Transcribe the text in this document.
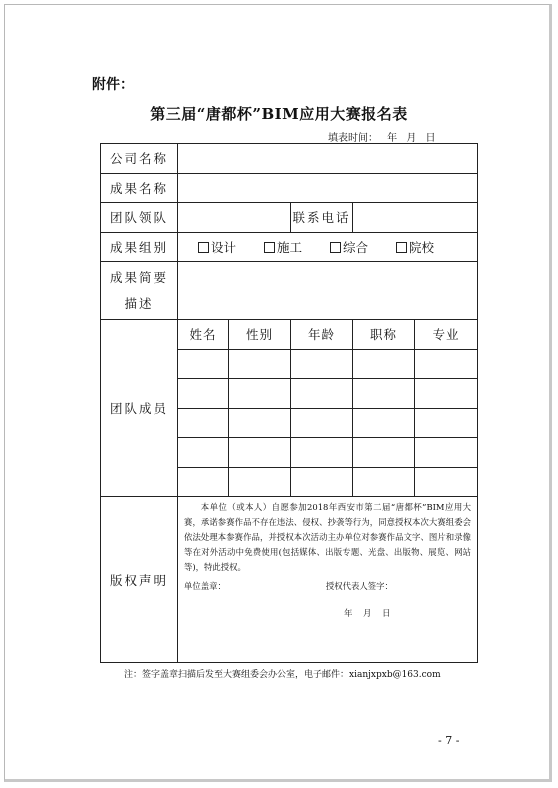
附件：
第三届“唐都杯”BIM应用大赛报名表
填表时间： 年 月 日
公司名称					
成果名称					
团队领队			联系电话		
成果组别	设计 施工 综合 院校				
成果简要
描述					
团队成员	姓名	性别	年龄	职称	专业

版权声明	本单位（或本人）自愿参加2018年西安市第二届“唐都杯”BIM应用大赛，承诺参赛作品不存在违法、侵权、抄袭等行为，同意授权本次大赛组委会依法处理本参赛作品，并授权本次活动主办单位对参赛作品文字、图片和录像等在对外活动中免费使用(包括媒体、出版专题、光盘、出版物、展览、网站等)，特此授权。

单位盖章： 授权代表人签字：
年 月 日				
注：签字盖章扫描后发至大赛组委会办公室，电子邮件：xianjxpxb@163.com
- 7 -
